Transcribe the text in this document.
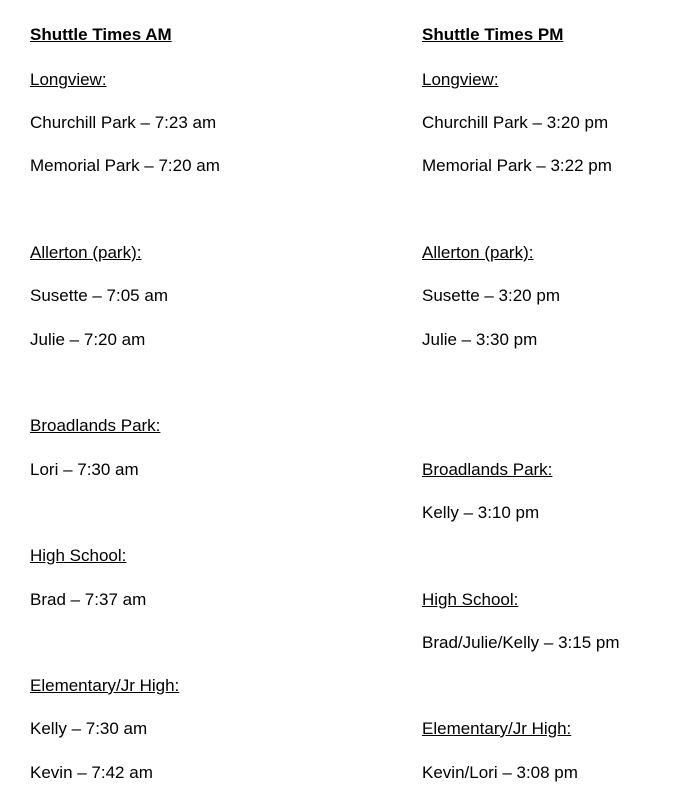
Shuttle Times AM
Longview:
Churchill Park – 7:23 am
Memorial Park – 7:20 am
Allerton (park):
Susette – 7:05 am
Julie – 7:20 am
Broadlands Park:
Lori – 7:30 am
High School:
Brad – 7:37 am
Elementary/Jr High:
Kelly – 7:30 am
Kevin – 7:42 am
Shuttle Times PM
Longview:
Churchill Park – 3:20 pm
Memorial Park – 3:22 pm
Allerton (park):
Susette – 3:20 pm
Julie – 3:30 pm
Broadlands Park:
Kelly – 3:10 pm
High School:
Brad/Julie/Kelly – 3:15 pm
Elementary/Jr High:
Kevin/Lori – 3:08 pm
